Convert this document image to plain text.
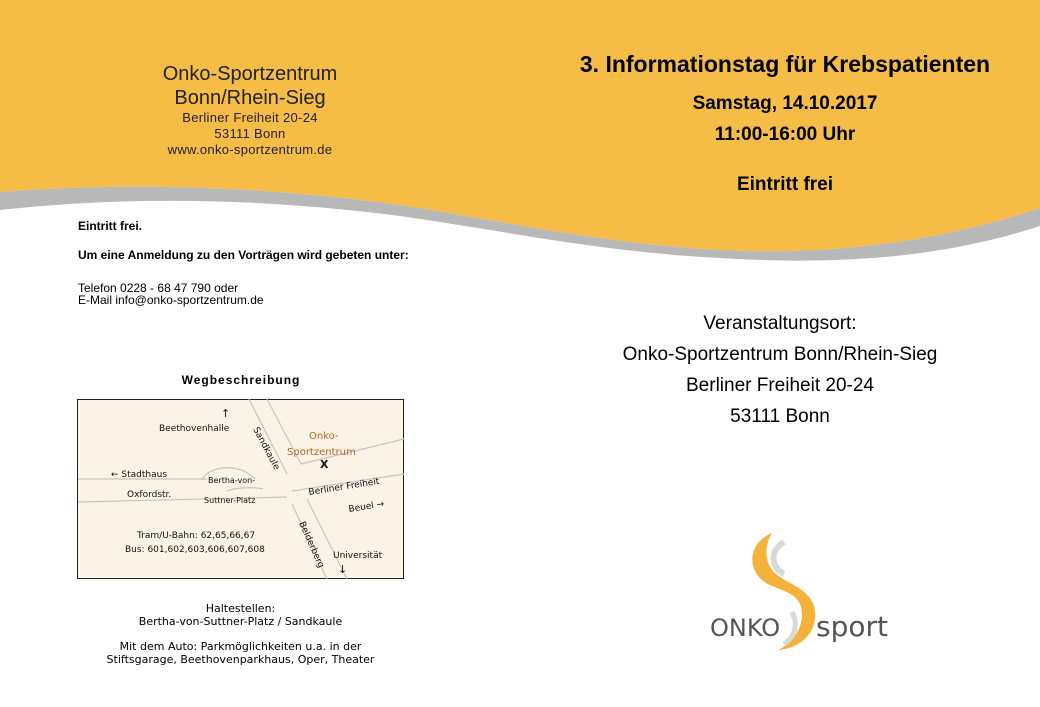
Onko-Sportzentrum
Bonn/Rhein-Sieg
Berliner Freiheit 20-24
53111 Bonn
www.onko-sportzentrum.de
3. Informationstag für Krebspatienten
Samstag, 14.10.2017
11:00-16:00 Uhr
Eintritt frei
Eintritt frei.
Um eine Anmeldung zu den Vorträgen wird gebeten unter:
Telefon 0228 - 68 47 790 oder
E-Mail info@onko-sportzentrum.de
Wegbeschreibung
↑
Beethovenhalle Sandkaule	Onko-
Sportzentrum
X
← Stadthaus
Bertha-von-
Suttner-Platz
Oxfordstr.	Berliner Freiheit
Beuel →
Belderberg
Tram/U-Bahn: 62,65,66,67
Bus: 601,602,603,606,607,608
Universität
↓
Haltestellen:
Bertha-von-Suttner-Platz / Sandkaule
Mit dem Auto: Parkmöglichkeiten u.a. in der
Stiftsgarage, Beethovenparkhaus, Oper, Theater
Veranstaltungsort:
Onko-Sportzentrum Bonn/Rhein-Sieg
Berliner Freiheit 20-24
53111 Bonn
ONKO sport
